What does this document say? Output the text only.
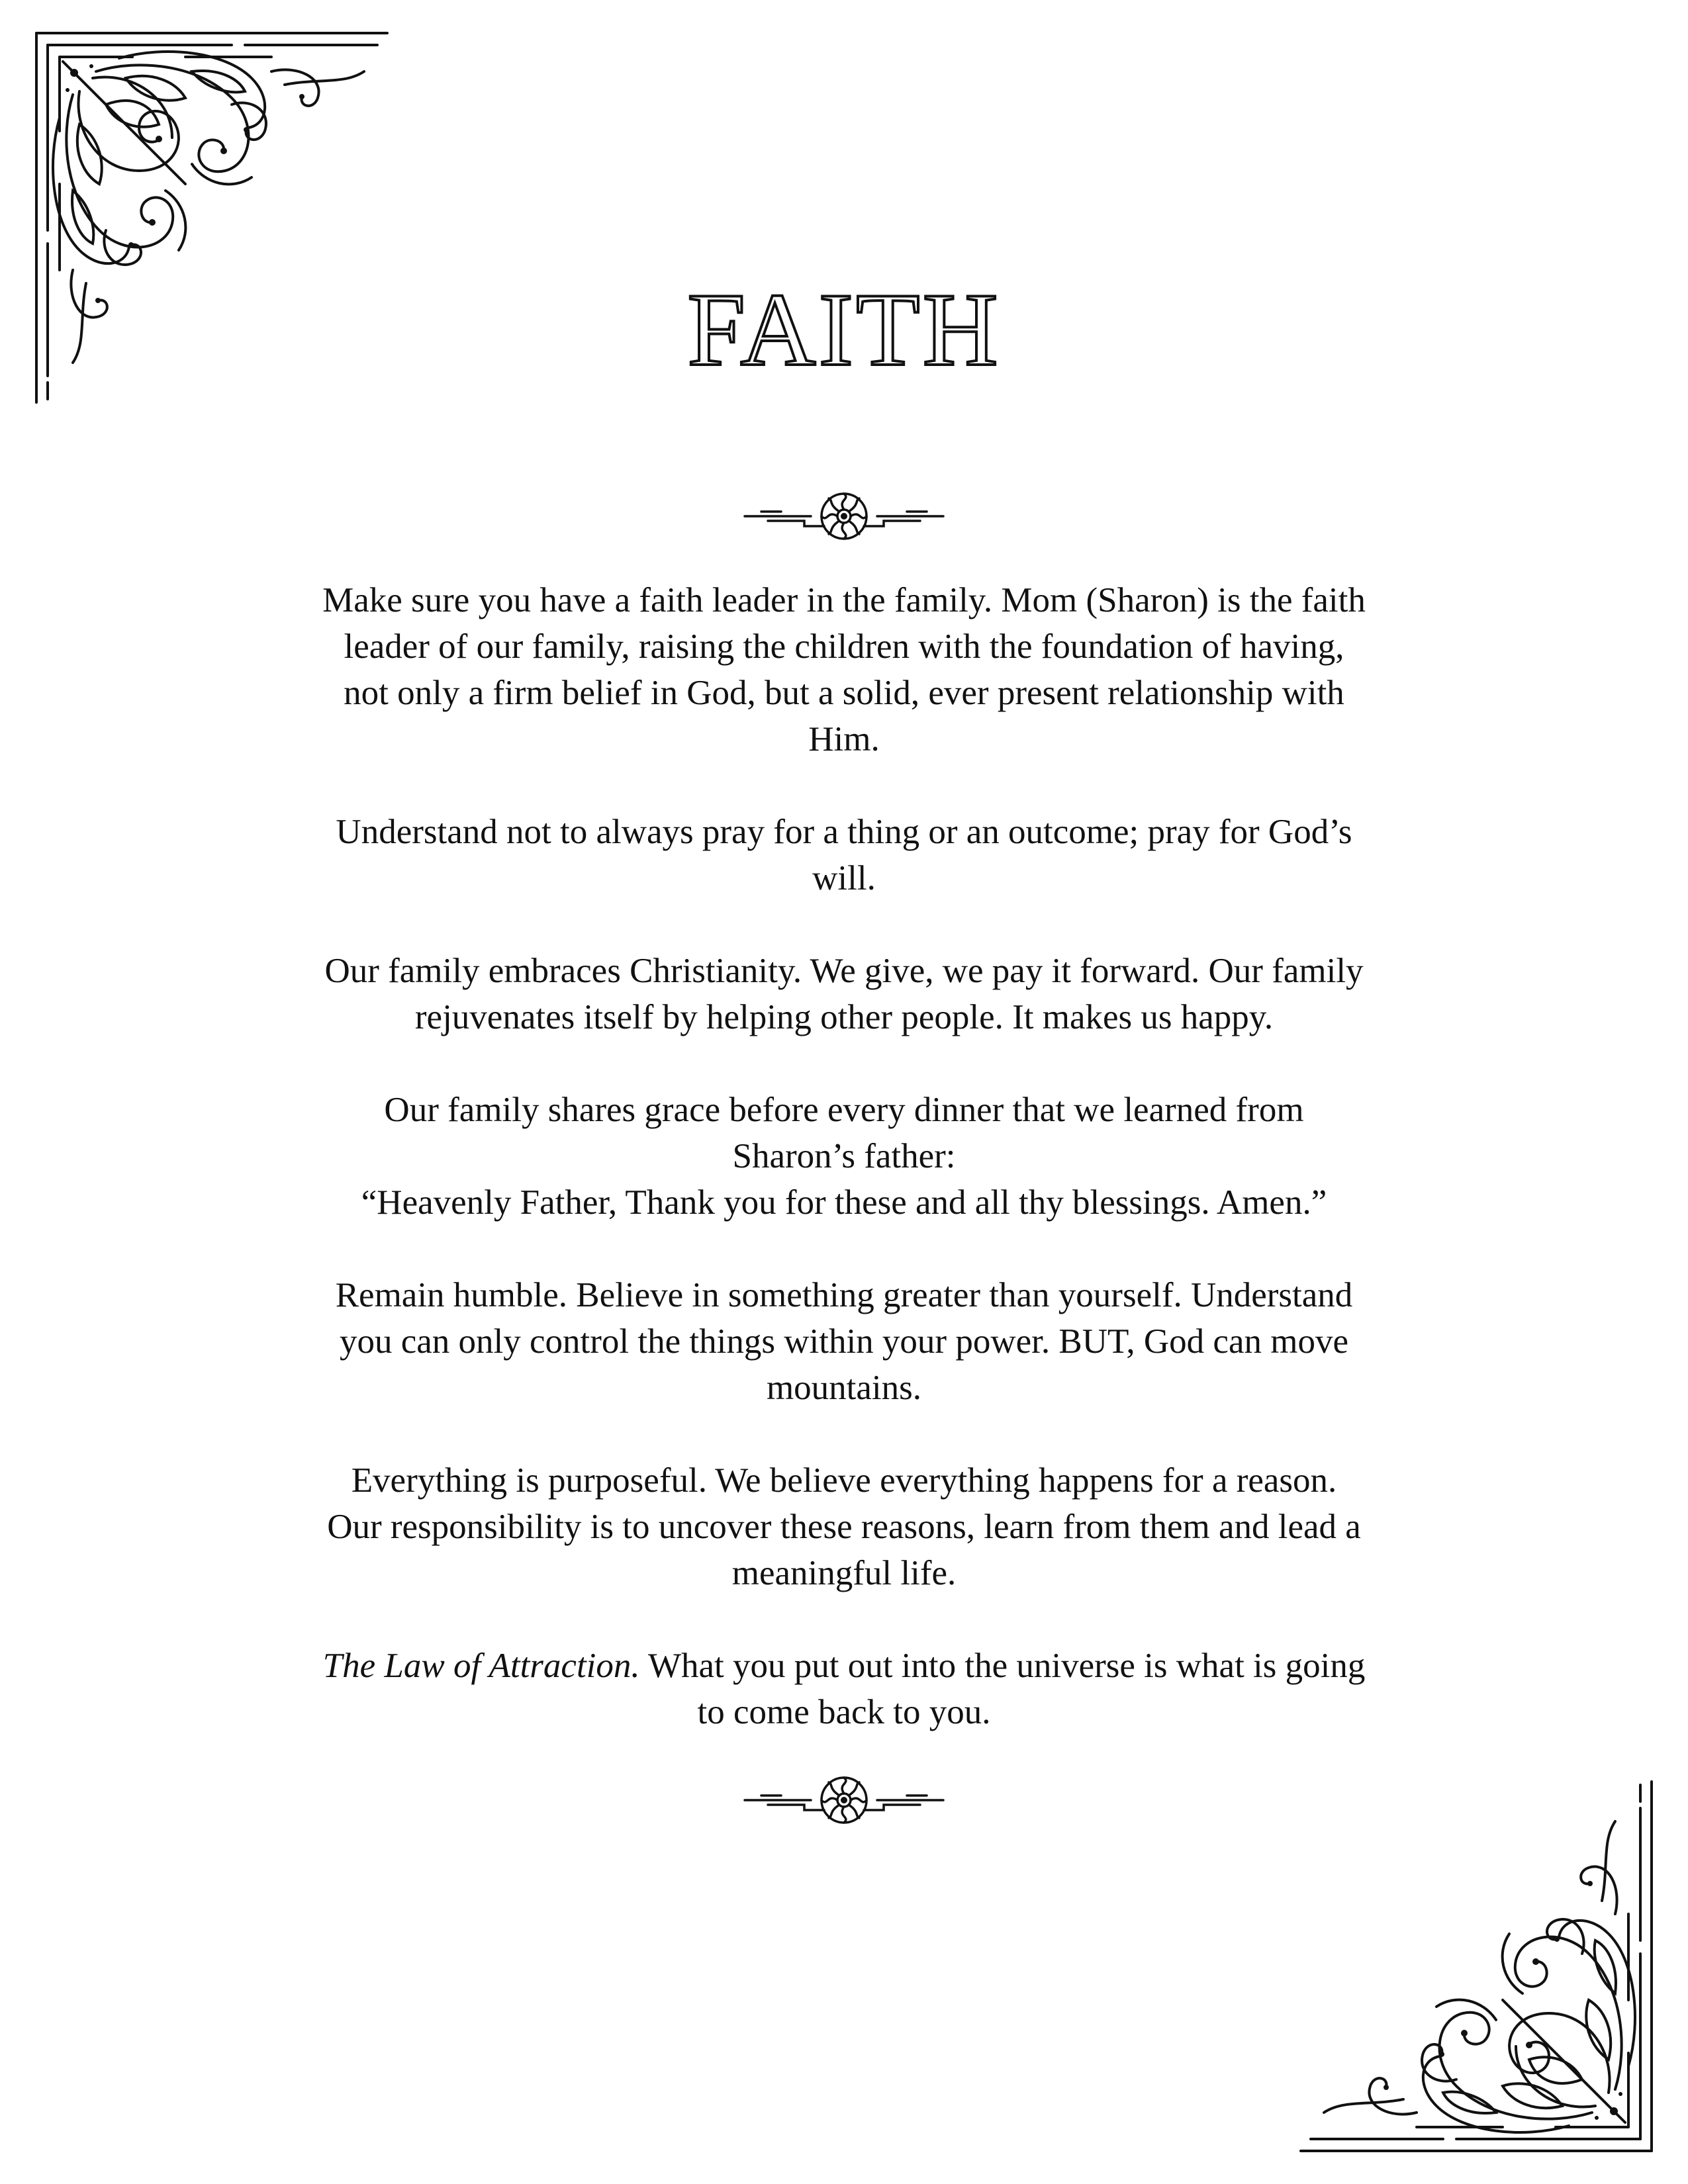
FAITH

Make sure you have a faith leader in the family. Mom (Sharon) is the faith
leader of our family, raising the children with the foundation of having,
not only a firm belief in God, but a solid, ever present relationship with
Him.

Understand not to always pray for a thing or an outcome; pray for God’s
will.

Our family embraces Christianity. We give, we pay it forward. Our family
rejuvenates itself by helping other people. It makes us happy.

Our family shares grace before every dinner that we learned from
Sharon’s father:
“Heavenly Father, Thank you for these and all thy blessings. Amen.”

Remain humble. Believe in something greater than yourself. Understand
you can only control the things within your power. BUT, God can move
mountains.

Everything is purposeful. We believe everything happens for a reason.
Our responsibility is to uncover these reasons, learn from them and lead a
meaningful life.

The Law of Attraction. What you put out into the universe is what is going
to come back to you.
